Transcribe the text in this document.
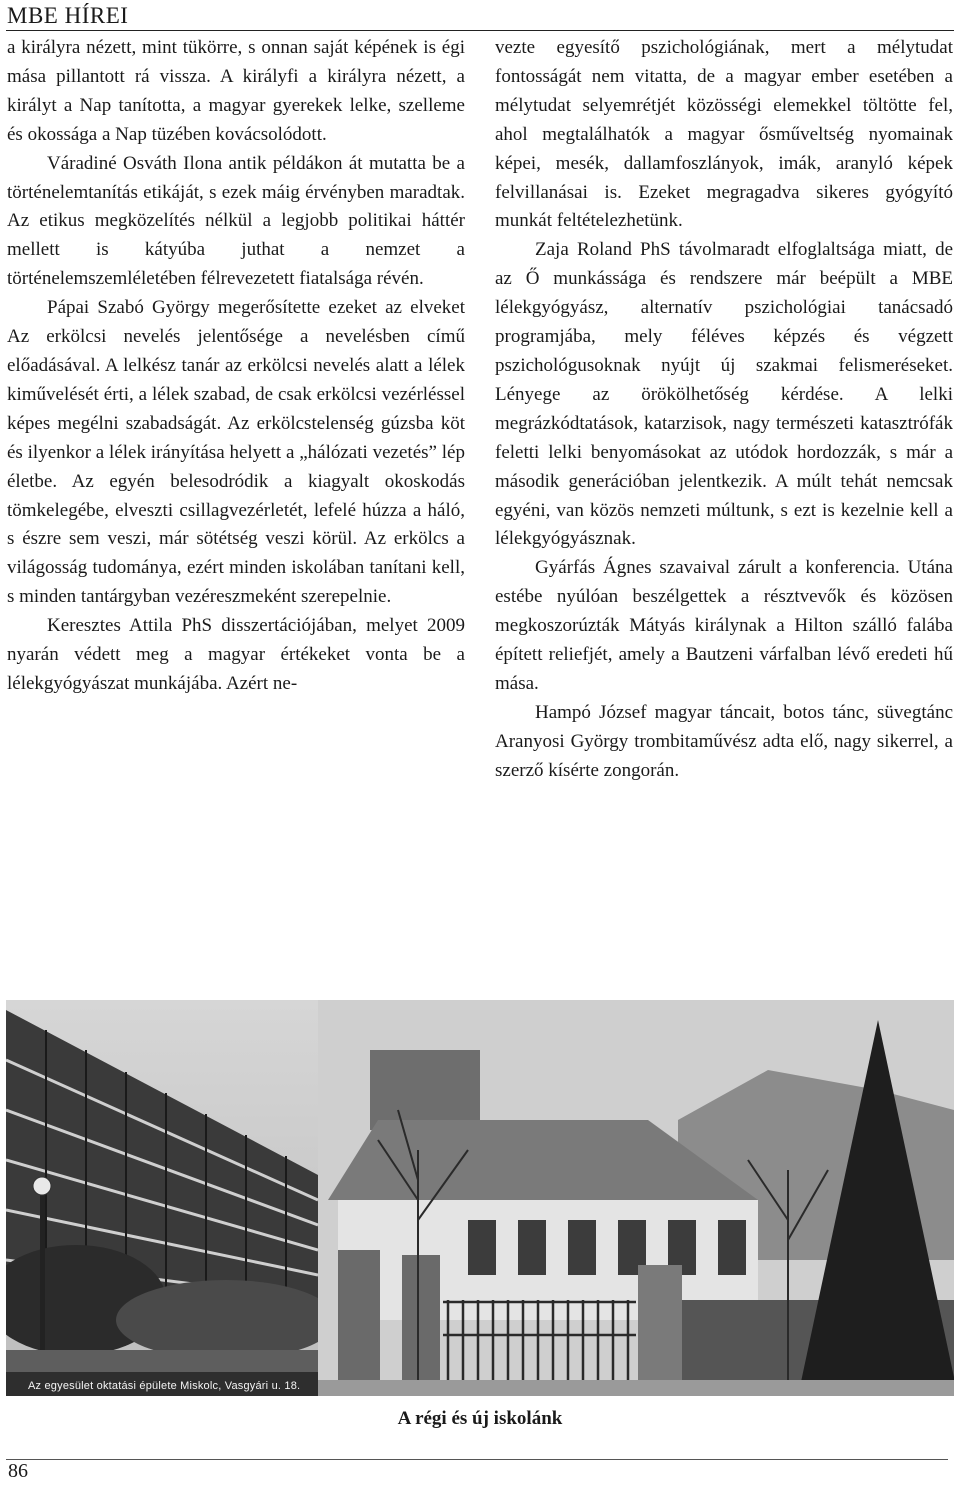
MBE HÍREI

a királyra nézett, mint tükörre, s onnan saját képének is égi mása pillantott rá vissza. A királyfi a királyra nézett, a királyt a Nap tanította, a magyar gyerekek lelke, szelleme és okossága a Nap tüzében kovácsolódott.

Váradiné Osváth Ilona antik példákon át mutatta be a történelemtanítás etikáját, s ezek máig érvényben maradtak. Az etikus megközelítés nélkül a legjobb politikai háttér mellett is kátyúba juthat a nemzet a történelemszemléletében félrevezetett fiatalsága révén.

Pápai Szabó György megerősítette ezeket az elveket Az erkölcsi nevelés jelentősége a nevelésben című előadásával. A lelkész tanár az erkölcsi nevelés alatt a lélek kiművelését érti, a lélek szabad, de csak erkölcsi vezérléssel képes megélni szabadságát. Az erkölcstelenség gúzsba köt és ilyenkor a lélek irányítása helyett a „hálózati vezetés” lép életbe. Az egyén belesodródik a kiagyalt okoskodás tömkelegébe, elveszti csillagvezérletét, lefelé húzza a háló, s észre sem veszi, már sötétség veszi körül. Az erkölcs a világosság tudománya, ezért minden iskolában tanítani kell, s minden tantárgyban vezéreszmeként szerepelnie.

Keresztes Attila PhS disszertációjában, melyet 2009 nyarán védett meg a magyar értékeket vonta be a lélekgyógyászat munkájába. Azért ne-

vezte egyesítő pszichológiának, mert a mélytudat fontosságát nem vitatta, de a magyar ember esetében a mélytudat selyemrétjét közösségi elemekkel töltötte fel, ahol megtalálhatók a magyar ősműveltség nyomainak képei, mesék, dallamfoszlányok, imák, aranyló képek felvillanásai is. Ezeket megragadva sikeres gyógyító munkát feltételezhetünk.

Zaja Roland PhS távolmaradt elfoglaltsága miatt, de az Ő munkássága és rendszere már beépült a MBE lélekgyógyász, alternatív pszichológiai tanácsadó programjába, mely féléves képzés és végzett pszichológusoknak nyújt új szakmai felismeréseket. Lényege az örökölhetőség kérdése. A lelki megrázkódtatások, katarzisok, nagy természeti katasztrófák feletti lelki benyomásokat az utódok hordozzák, s már a második generációban jelentkezik. A múlt tehát nemcsak egyéni, van közös nemzeti múltunk, s ezt is kezelnie kell a lélekgyógyásznak.

Gyárfás Ágnes szavaival zárult a konferencia. Utána estébe nyúlóan beszélgettek a résztvevők és közösen megkoszorúzták Mátyás királynak a Hilton szálló falába épített reliefjét, amely a Bautzeni várfalban lévő eredeti hű mása.

Hampó József magyar táncait, botos tánc, süvegtánc Aranyosi György trombitaművész adta elő, nagy sikerrel, a szerző kísérte zongorán.

Az egyesület oktatási épülete Miskolc, Vasgyári u. 18.
A régi és új iskolánk
86
